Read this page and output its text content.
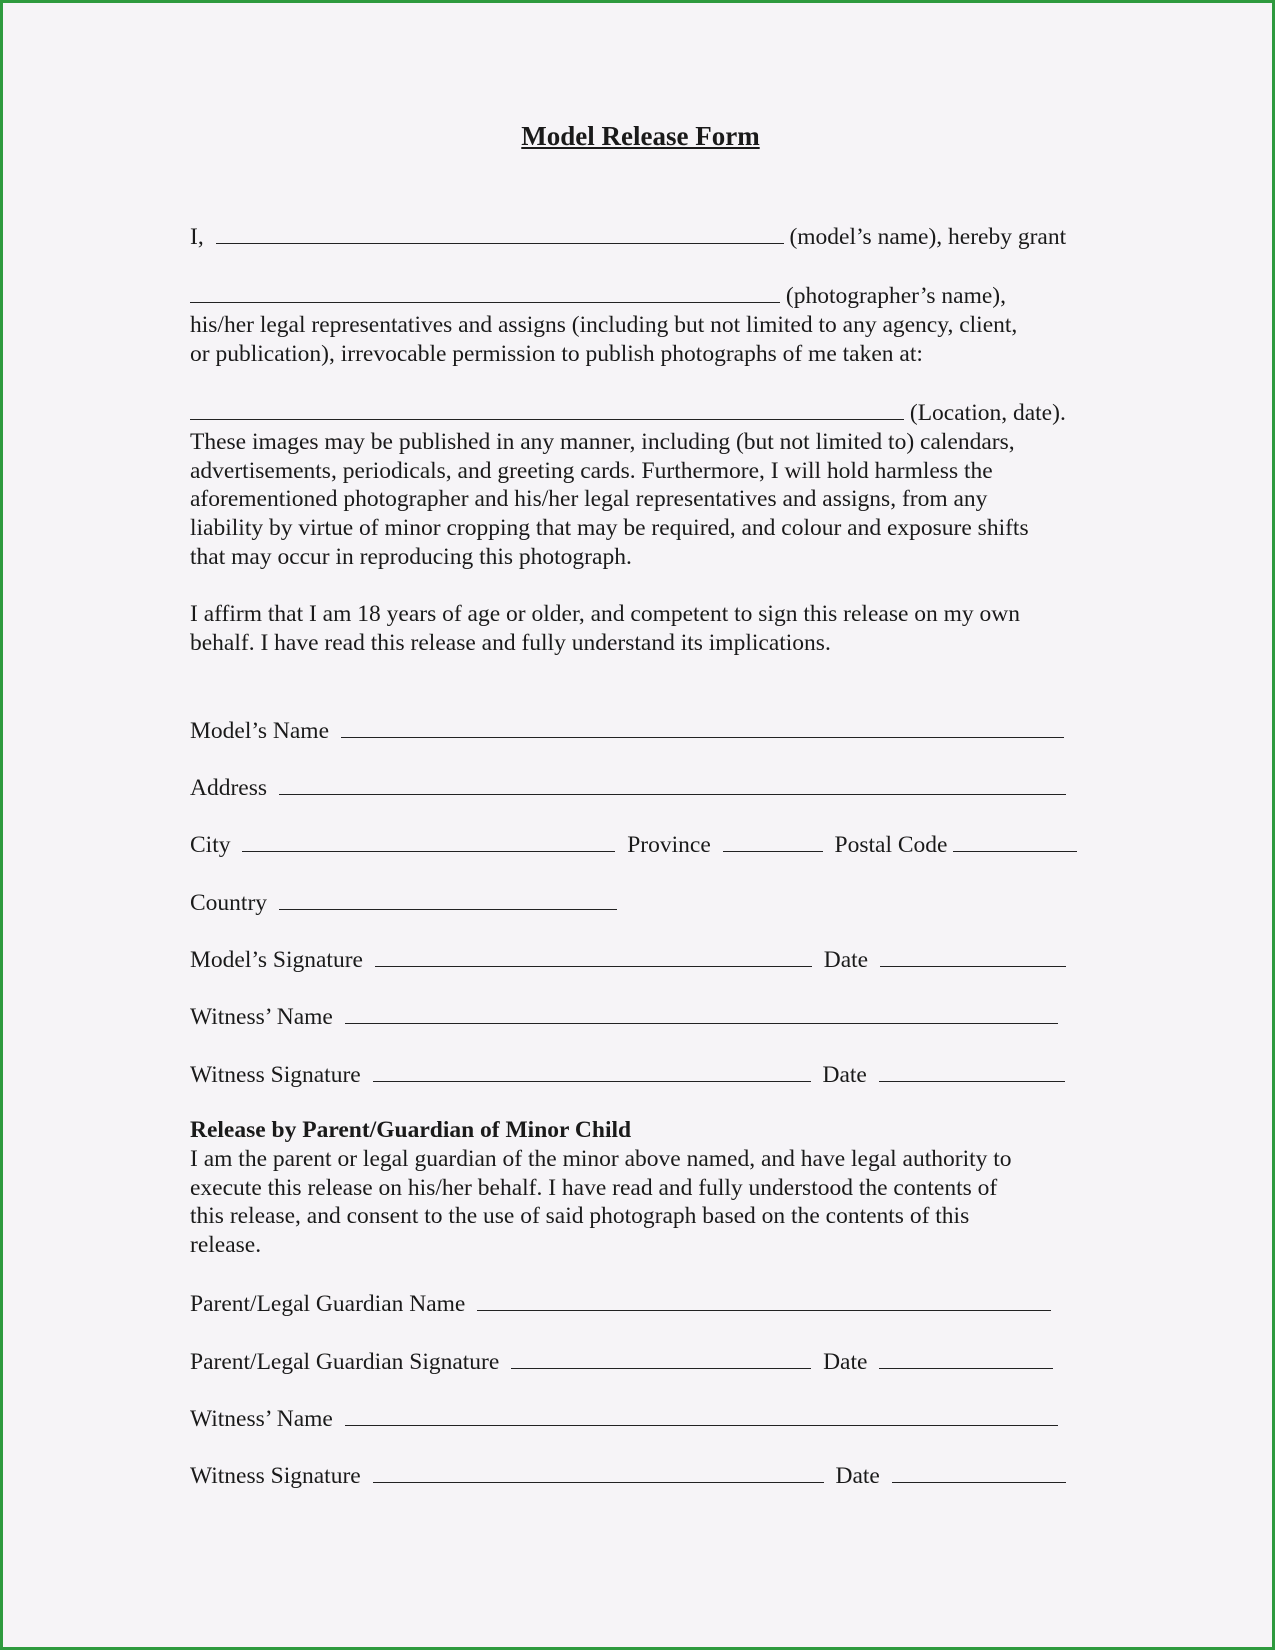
Model Release Form
I,	(model’s name), hereby grant
(photographer’s name),
his/her legal representatives and assigns (including but not limited to any agency, client,
or publication), irrevocable permission to publish photographs of me taken at:
(Location, date).
These images may be published in any manner, including (but not limited to) calendars,
advertisements, periodicals, and greeting cards. Furthermore, I will hold harmless the
aforementioned photographer and his/her legal representatives and assigns, from any
liability by virtue of minor cropping that may be required, and colour and exposure shifts
that may occur in reproducing this photograph.
I affirm that I am 18 years of age or older, and competent to sign this release on my own
behalf. I have read this release and fully understand its implications.
Model’s Name
Address
City	Province	Postal Code
Country
Model’s Signature	Date
Witness’ Name
Witness Signature	Date
Release by Parent/Guardian of Minor Child
I am the parent or legal guardian of the minor above named, and have legal authority to
execute this release on his/her behalf. I have read and fully understood the contents of
this release, and consent to the use of said photograph based on the contents of this
release.
Parent/Legal Guardian Name
Parent/Legal Guardian Signature	Date
Witness’ Name
Witness Signature	Date
